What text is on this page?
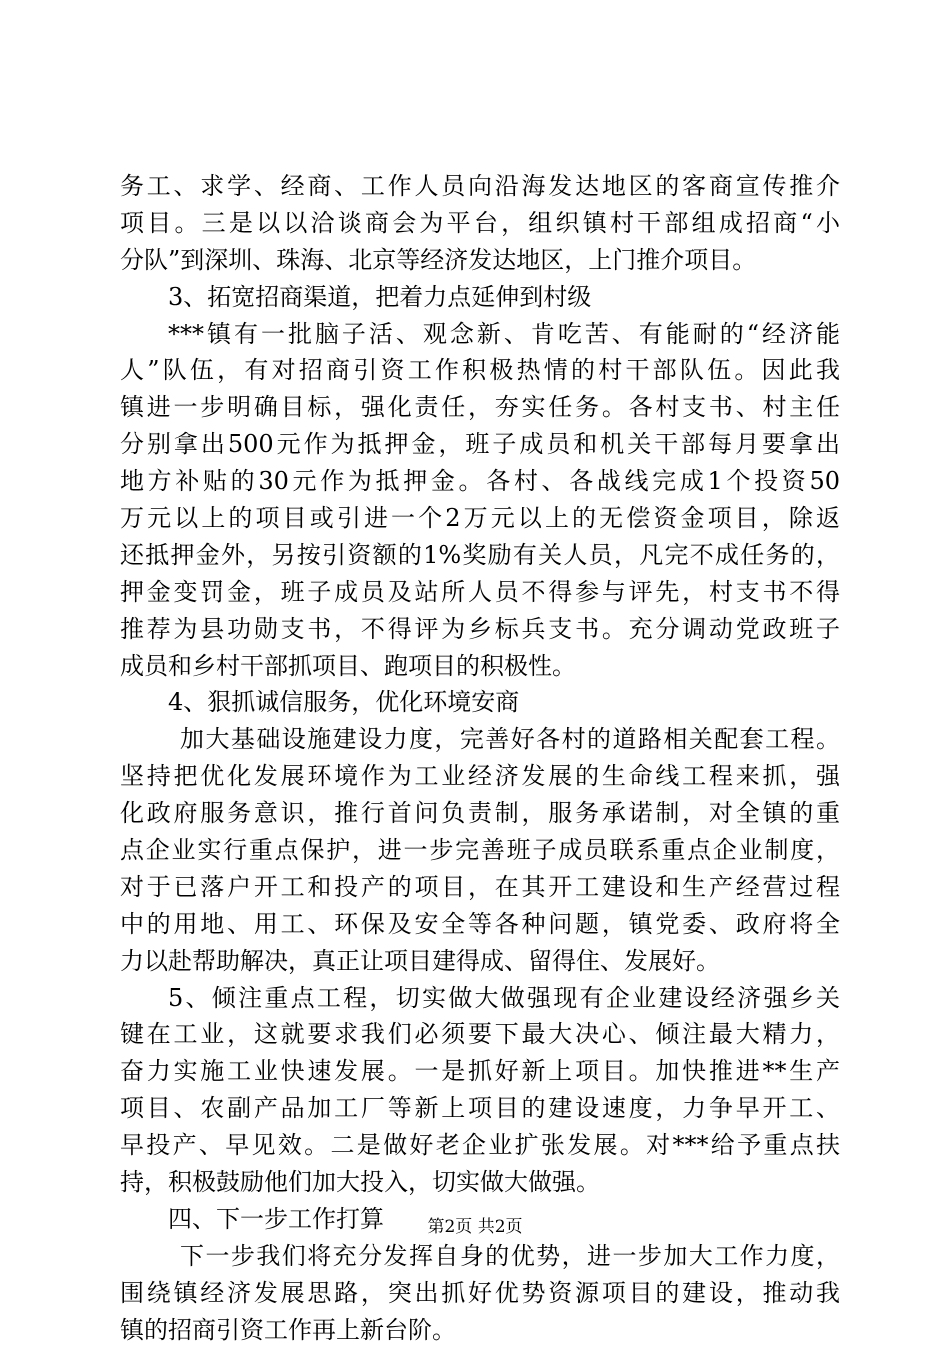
务工、求学、经商、工作人员向沿海发达地区的客商宣传推介
项目。三是以以洽谈商会为平台，组织镇村干部组成招商“小
分队”到深圳、珠海、北京等经济发达地区，上门推介项目。
3、拓宽招商渠道，把着力点延伸到村级
***镇有一批脑子活、观念新、肯吃苦、有能耐的“经济能
人”队伍，有对招商引资工作积极热情的村干部队伍。因此我
镇进一步明确目标，强化责任，夯实任务。各村支书、村主任
分别拿出500元作为抵押金，班子成员和机关干部每月要拿出
地方补贴的30元作为抵押金。各村、各战线完成1个投资50
万元以上的项目或引进一个2万元以上的无偿资金项目，除返
还抵押金外，另按引资额的1%奖励有关人员，凡完不成任务的，
押金变罚金，班子成员及站所人员不得参与评先，村支书不得
推荐为县功勋支书，不得评为乡标兵支书。充分调动党政班子
成员和乡村干部抓项目、跑项目的积极性。
4、狠抓诚信服务，优化环境安商
加大基础设施建设力度，完善好各村的道路相关配套工程。
坚持把优化发展环境作为工业经济发展的生命线工程来抓，强
化政府服务意识，推行首问负责制，服务承诺制，对全镇的重
点企业实行重点保护，进一步完善班子成员联系重点企业制度，
对于已落户开工和投产的项目，在其开工建设和生产经营过程
中的用地、用工、环保及安全等各种问题，镇党委、政府将全
力以赴帮助解决，真正让项目建得成、留得住、发展好。
5、倾注重点工程，切实做大做强现有企业建设经济强乡关
键在工业，这就要求我们必须要下最大决心、倾注最大精力，
奋力实施工业快速发展。一是抓好新上项目。加快推进**生产
项目、农副产品加工厂等新上项目的建设速度，力争早开工、
早投产、早见效。二是做好老企业扩张发展。对***给予重点扶
持，积极鼓励他们加大投入，切实做大做强。
四、下一步工作打算
下一步我们将充分发挥自身的优势，进一步加大工作力度，
围绕镇经济发展思路，突出抓好优势资源项目的建设，推动我
镇的招商引资工作再上新台阶。
第2页 共2页
